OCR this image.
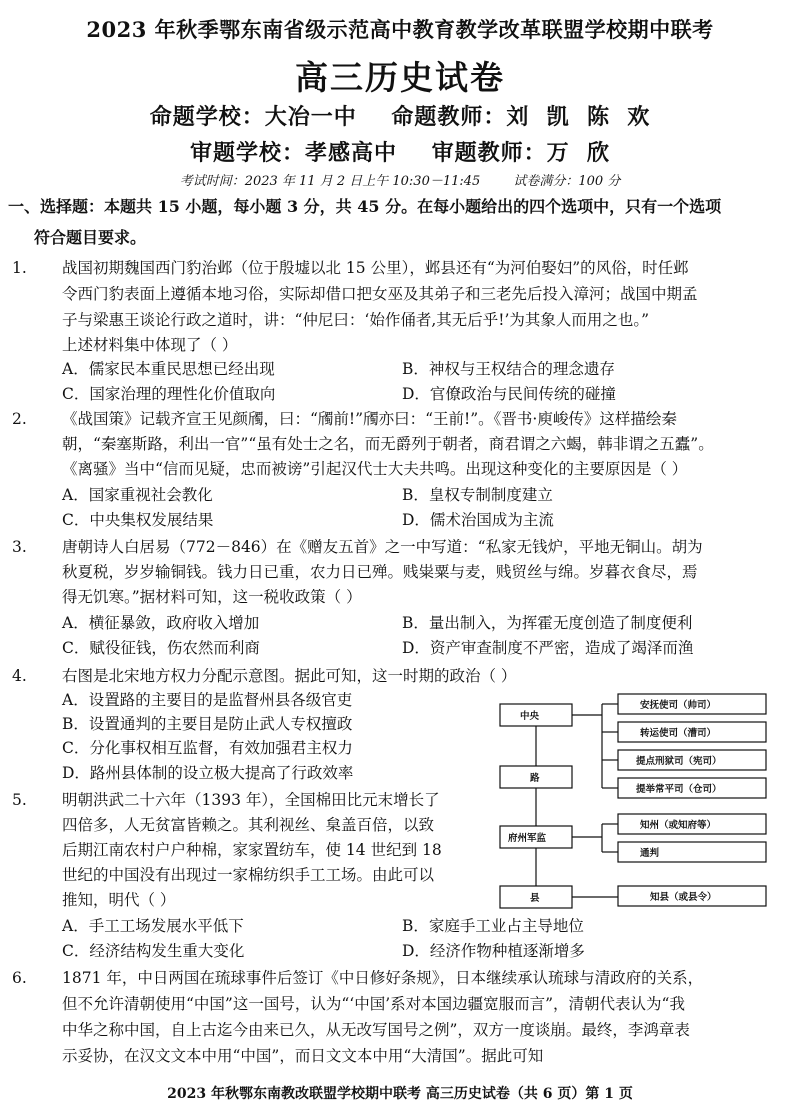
2023 年秋季鄂东南省级示范高中教育教学改革联盟学校期中联考
高三历史试卷
命题学校：大冶一中    命题教师：刘  凯  陈  欢
审题学校：孝感高中    审题教师：万  欣
考试时间：2023 年 11 月 2 日上午 10:30－11:45        试卷满分：100 分
一、选择题：本题共 15 小题，每小题 3 分，共 45 分。在每小题给出的四个选项中，只有一个选项
符合题目要求。
1. 战国初期魏国西门豹治邺（位于殷墟以北 15 公里），邺县还有“为河伯娶妇”的风俗，时任邺
令西门豹表面上遵循本地习俗，实际却借口把女巫及其弟子和三老先后投入漳河；战国中期孟
子与梁惠王谈论行政之道时，讲：“仲尼曰：‘始作俑者,其无后乎!’为其象人而用之也。”
上述材料集中体现了（ ）
A．儒家民本重民思想已经出现	B．神权与王权结合的理念遗存
C．国家治理的理性化价值取向	D．官僚政治与民间传统的碰撞
2. 《战国策》记载齐宣王见颜斶，曰：“斶前!”斶亦曰：“王前!”。《晋书·庾峻传》这样描绘秦
朝，“秦塞斯路，利出一官”“虽有处士之名，而无爵列于朝者，商君谓之六蝎，韩非谓之五蠹”。
《离骚》当中“信而见疑，忠而被谤”引起汉代士大夫共鸣。出现这种变化的主要原因是（ ）
A．国家重视社会教化	B．皇权专制制度建立
C．中央集权发展结果	D．儒术治国成为主流
3. 唐朝诗人白居易（772－846）在《赠友五首》之一中写道：“私家无钱炉，平地无铜山。胡为
秋夏税，岁岁输铜钱。钱力日已重，农力日已殚。贱粜粟与麦，贱贸丝与绵。岁暮衣食尽，焉
得无饥寒。”据材料可知，这一税收政策（ ）
A．横征暴敛，政府收入增加	B．量出制入，为挥霍无度创造了制度便利
C．赋役征钱，伤农然而利商	D．资产审查制度不严密，造成了竭泽而渔
4. 右图是北宋地方权力分配示意图。据此可知，这一时期的政治（ ）
A．设置路的主要目的是监督州县各级官吏
B．设置通判的主要目是防止武人专权擅政
C．分化事权相互监督，有效加强君主权力
D．路州县体制的设立极大提高了行政效率
中央
路
府州军监
县
安抚使司（帅司）
转运使司（漕司）
提点刑狱司（宪司）
提举常平司（仓司）
知州（或知府等）
通判
知县（或县令）
5. 明朝洪武二十六年（1393 年），全国棉田比元末增长了
四倍多，人无贫富皆赖之。其利视丝、枲盖百倍，以致
后期江南农村户户种棉，家家置纺车，使 14 世纪到 18
世纪的中国没有出现过一家棉纺织手工工场。由此可以
推知，明代（ ）
A．手工工场发展水平低下	B．家庭手工业占主导地位
C．经济结构发生重大变化	D．经济作物种植逐渐增多
6. 1871 年，中日两国在琉球事件后签订《中日修好条规》，日本继续承认琉球与清政府的关系，
但不允许清朝使用“中国”这一国号，认为“‘中国’系对本国边疆宽服而言”，清朝代表认为“我
中华之称中国，自上古迄今由来已久，从无改写国号之例”，双方一度谈崩。最终，李鸿章表
示妥协，在汉文文本中用“中国”，而日文文本中用“大清国”。据此可知
2023 年秋鄂东南教改联盟学校期中联考 高三历史试卷（共 6 页）第 1 页
